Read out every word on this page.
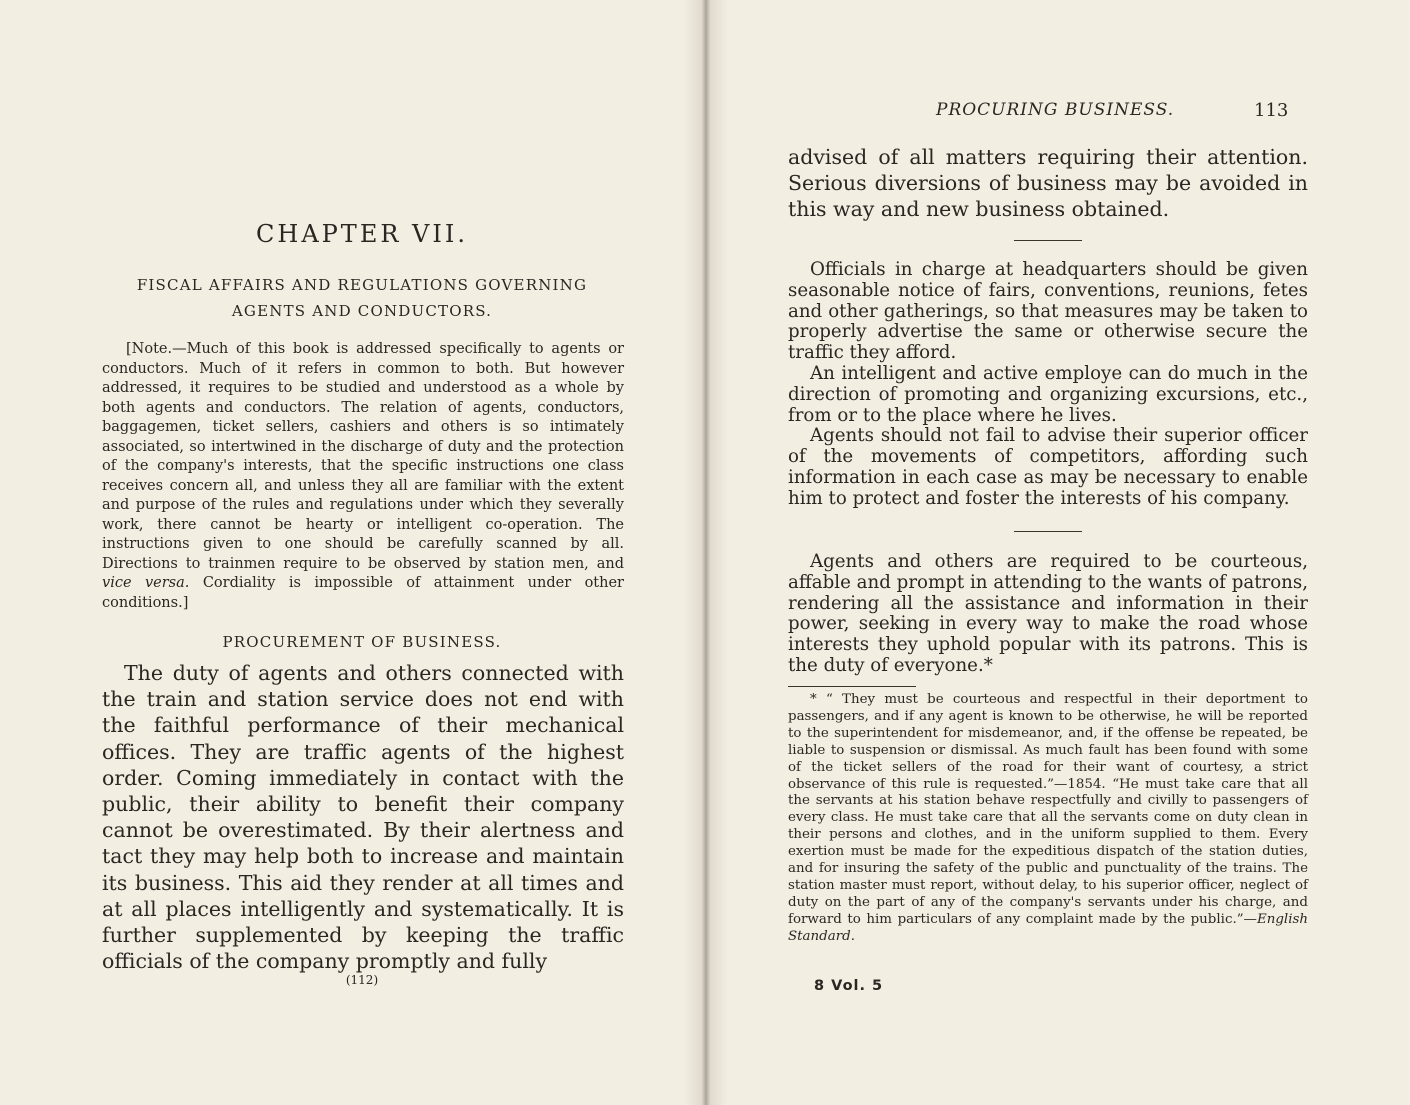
CHAPTER VII.
FISCAL AFFAIRS AND REGULATIONS GOVERNING
AGENTS AND CONDUCTORS.

[Note.—Much of this book is addressed specifically to agents or conductors. Much of it refers in common to both. But however addressed, it requires to be studied and understood as a whole by both agents and conductors. The relation of agents, conductors, baggagemen, ticket sellers, cashiers and others is so intimately associated, so intertwined in the discharge of duty and the protection of the company's interests, that the specific instructions one class receives concern all, and unless they all are familiar with the extent and purpose of the rules and regulations under which they severally work, there cannot be hearty or intelligent co-operation. The instructions given to one should be carefully scanned by all. Directions to trainmen require to be observed by station men, and vice versa. Cordiality is impossible of attainment under other conditions.]

PROCUREMENT OF BUSINESS.

The duty of agents and others connected with the train and station service does not end with the faithful performance of their mechanical offices. They are traffic agents of the highest order. Coming immediately in contact with the public, their ability to benefit their company cannot be overestimated. By their alertness and tact they may help both to increase and maintain its business. This aid they render at all times and at all places intelligently and systematically. It is further supplemented by keeping the traffic officials of the company promptly and fully

(112)
PROCURING BUSINESS.	113

advised of all matters requiring their attention. Serious diversions of business may be avoided in this way and new business obtained.

Officials in charge at headquarters should be given seasonable notice of fairs, conventions, reunions, fetes and other gatherings, so that measures may be taken to properly advertise the same or otherwise secure the traffic they afford.

An intelligent and active employe can do much in the direction of promoting and organizing excursions, etc., from or to the place where he lives.

Agents should not fail to advise their superior officer of the movements of competitors, affording such information in each case as may be necessary to enable him to protect and foster the interests of his company.

Agents and others are required to be courteous, affable and prompt in attending to the wants of patrons, rendering all the assistance and information in their power, seeking in every way to make the road whose interests they uphold popular with its patrons. This is the duty of everyone.*

* “ They must be courteous and respectful in their deportment to passengers, and if any agent is known to be otherwise, he will be reported to the superintendent for misdemeanor, and, if the offense be repeated, be liable to suspension or dismissal. As much fault has been found with some of the ticket sellers of the road for their want of courtesy, a strict observance of this rule is requested.”—1854. “He must take care that all the servants at his station behave respectfully and civilly to passengers of every class. He must take care that all the servants come on duty clean in their persons and clothes, and in the uniform supplied to them. Every exertion must be made for the expeditious dispatch of the station duties, and for insuring the safety of the public and punctuality of the trains. The station master must report, without delay, to his superior officer, neglect of duty on the part of any of the company's servants under his charge, and forward to him particulars of any complaint made by the public.”—English Standard.

8 Vol. 5
